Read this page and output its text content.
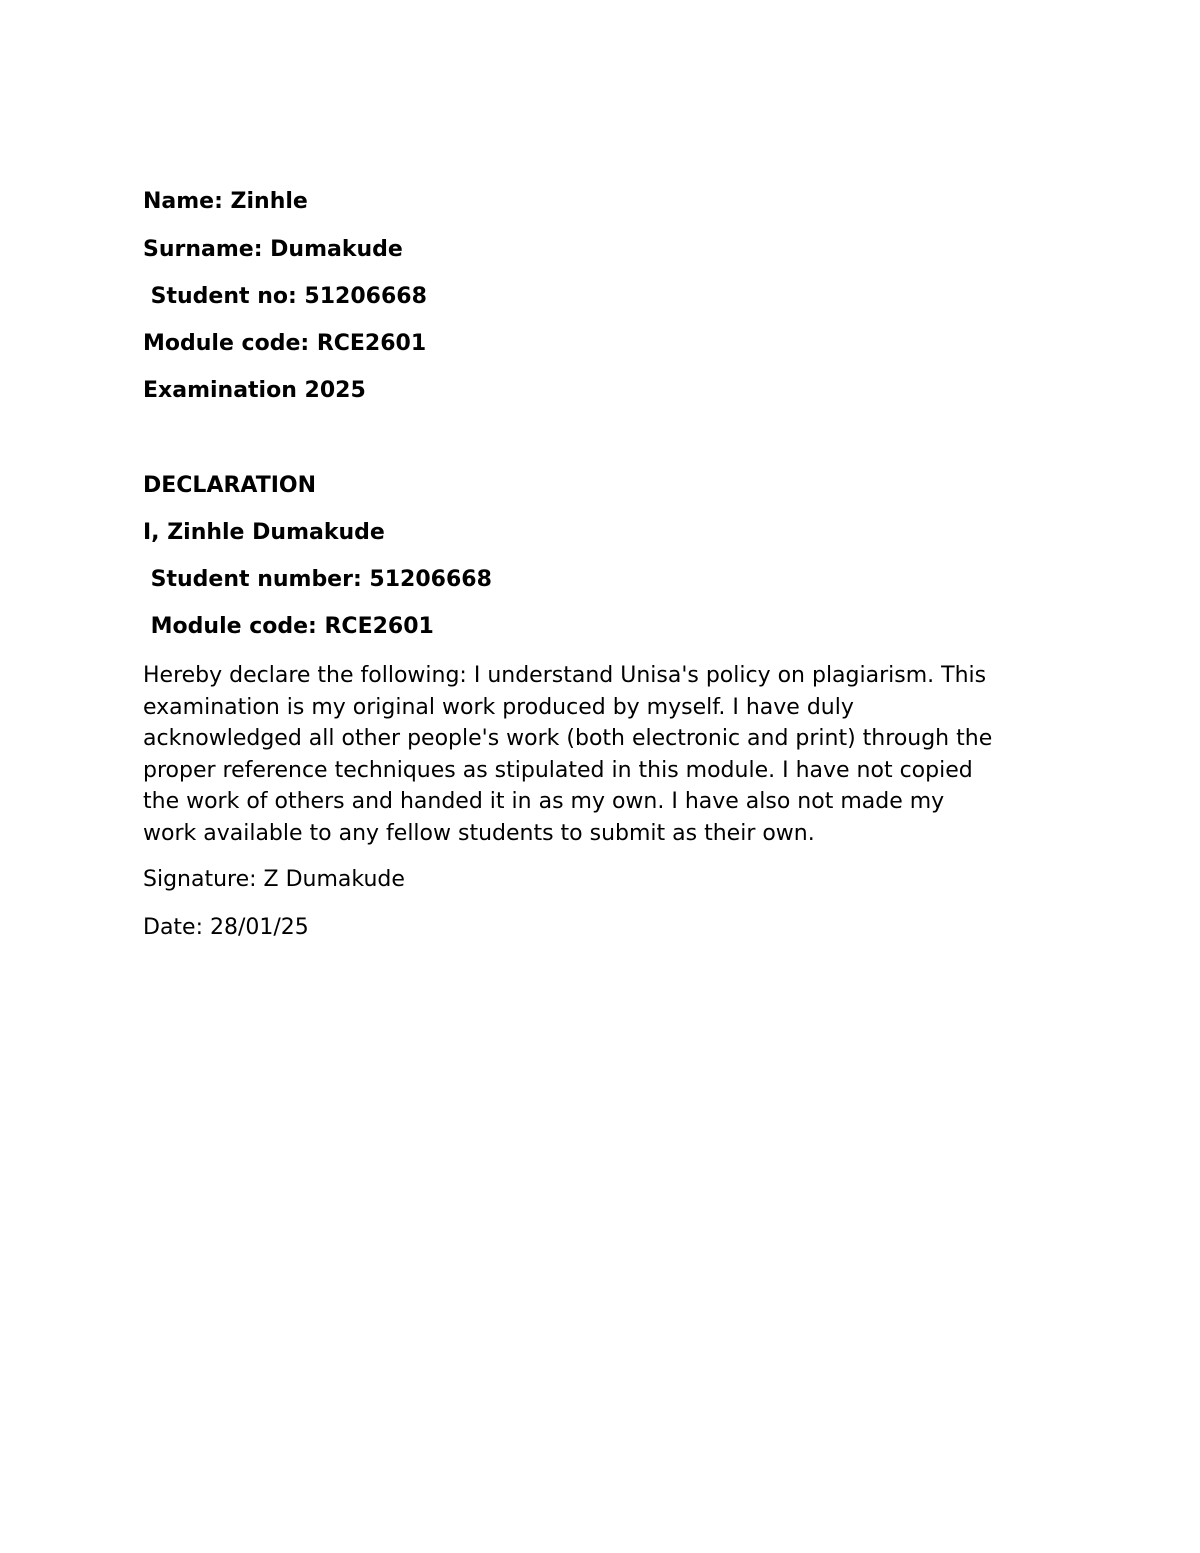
Name: Zinhle

Surname: Dumakude

Student no: 51206668

Module code: RCE2601

Examination 2025

DECLARATION

I, Zinhle Dumakude

Student number: 51206668

Module code: RCE2601

Hereby declare the following: I understand Unisa's policy on plagiarism. This
examination is my original work produced by myself. I have duly
acknowledged all other people's work (both electronic and print) through the
proper reference techniques as stipulated in this module. I have not copied
the work of others and handed it in as my own. I have also not made my
work available to any fellow students to submit as their own.

Signature: Z Dumakude

Date: 28/01/25
